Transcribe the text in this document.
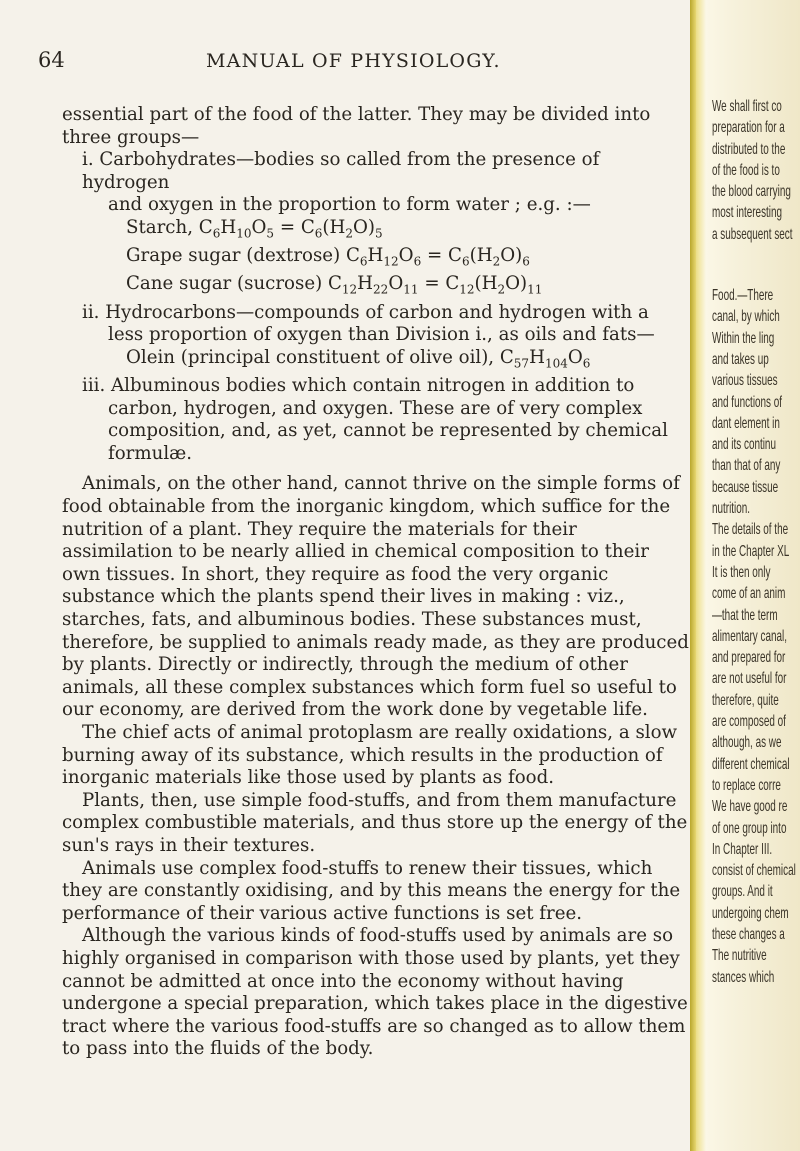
64	MANUAL OF PHYSIOLOGY.

essential part of the food of the latter. They may be divided into three groups—

i. Carbohydrates—bodies so called from the presence of hydrogen

and oxygen in the proportion to form water ; e.g. :—

Starch, $C_6H_{10}O_5 = C_6(H_2O)_5$

Grape sugar (dextrose) $C_6H_{12}O_6 = C_6(H_2O)_6$

Cane sugar (sucrose) $C_{12}H_{22}O_{11} = C_{12}(H_2O)_{11}$

ii. Hydrocarbons—compounds of carbon and hydrogen with a

less proportion of oxygen than Division i., as oils and fats—

Olein (principal constituent of olive oil), $C_{57}H_{104}O_6$

iii. Albuminous bodies which contain nitrogen in addition to

carbon, hydrogen, and oxygen. These are of very complex composition, and, as yet, cannot be represented by chemical formulæ.

Animals, on the other hand, cannot thrive on the simple forms of food obtainable from the inorganic kingdom, which suffice for the nutrition of a plant. They require the materials for their assimilation to be nearly allied in chemical composition to their own tissues. In short, they require as food the very organic substance which the plants spend their lives in making : viz., starches, fats, and albuminous bodies. These substances must, therefore, be supplied to animals ready made, as they are produced by plants. Directly or indirectly, through the medium of other animals, all these complex substances which form fuel so useful to our economy, are derived from the work done by vegetable life.

The chief acts of animal protoplasm are really oxidations, a slow burning away of its substance, which results in the production of inorganic materials like those used by plants as food.

Plants, then, use simple food-stuffs, and from them manufacture complex combustible materials, and thus store up the energy of the sun's rays in their textures.

Animals use complex food-stuffs to renew their tissues, which they are constantly oxidising, and by this means the energy for the performance of their various active functions is set free.

Although the various kinds of food-stuffs used by animals are so highly organised in comparison with those used by plants, yet they cannot be admitted at once into the economy without having undergone a special preparation, which takes place in the digestive tract where the various food-stuffs are so changed as to allow them to pass into the fluids of the body.

We shall first co
preparation for a
distributed to the
of the food is to
the blood carrying
most interesting
a subsequent sect
Food.—There
canal, by which
Within the ling
and takes up
various tissues
and functions of
dant element in
and its continu
than that of any
because tissue
nutrition.
The details of the
in the Chapter XL
It is then only
come of an anim
—that the term
alimentary canal,
and prepared for
are not useful for
therefore, quite
are composed of
although, as we
different chemical
to replace corre
We have good re
of one group into
In Chapter III.
consist of chemical
groups. And it
undergoing chem
these changes a
The nutritive
stances which
